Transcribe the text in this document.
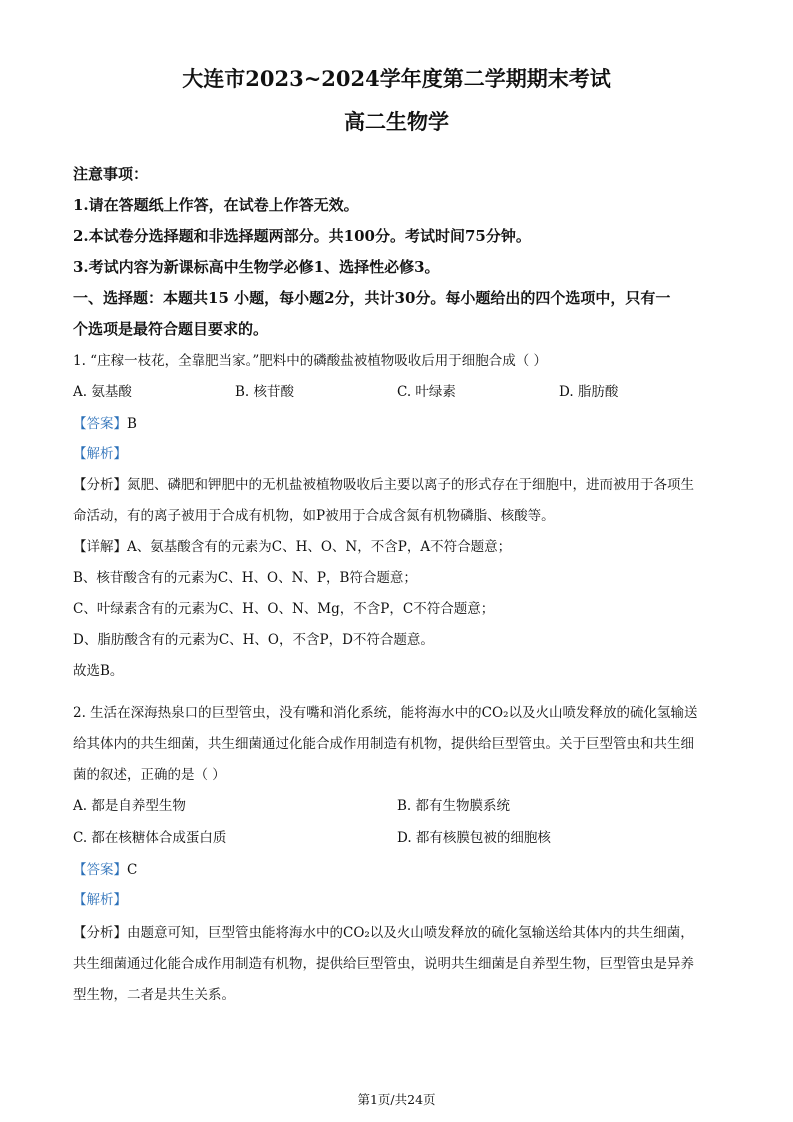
大连市2023~2024学年度第二学期期末考试
高二生物学
注意事项：
1.请在答题纸上作答，在试卷上作答无效。
2.本试卷分选择题和非选择题两部分。共100分。考试时间75分钟。
3.考试内容为新课标高中生物学必修1、选择性必修3。
一、选择题：本题共15 小题，每小题2分，共计30分。每小题给出的四个选项中，只有一
个选项是最符合题目要求的。
1. “庄稼一枝花，全靠肥当家。”肥料中的磷酸盐被植物吸收后用于细胞合成（ ）
A. 氨基酸	B. 核苷酸	C. 叶绿素	D. 脂肪酸
【答案】B
【解析】
【分析】氮肥、磷肥和钾肥中的无机盐被植物吸收后主要以离子的形式存在于细胞中，进而被用于各项生
命活动，有的离子被用于合成有机物，如P被用于合成含氮有机物磷脂、核酸等。
【详解】A、氨基酸含有的元素为C、H、O、N，不含P，A不符合题意；
B、核苷酸含有的元素为C、H、O、N、P，B符合题意；
C、叶绿素含有的元素为C、H、O、N、Mg，不含P，C不符合题意；
D、脂肪酸含有的元素为C、H、O，不含P，D不符合题意。
故选B。
2. 生活在深海热泉口的巨型管虫，没有嘴和消化系统，能将海水中的CO₂以及火山喷发释放的硫化氢输送
给其体内的共生细菌，共生细菌通过化能合成作用制造有机物，提供给巨型管虫。关于巨型管虫和共生细
菌的叙述，正确的是（ ）
A. 都是自养型生物	B. 都有生物膜系统
C. 都在核糖体合成蛋白质	D. 都有核膜包被的细胞核
【答案】C
【解析】
【分析】由题意可知，巨型管虫能将海水中的CO₂以及火山喷发释放的硫化氢输送给其体内的共生细菌，
共生细菌通过化能合成作用制造有机物，提供给巨型管虫，说明共生细菌是自养型生物，巨型管虫是异养
型生物，二者是共生关系。
第1页/共24页
